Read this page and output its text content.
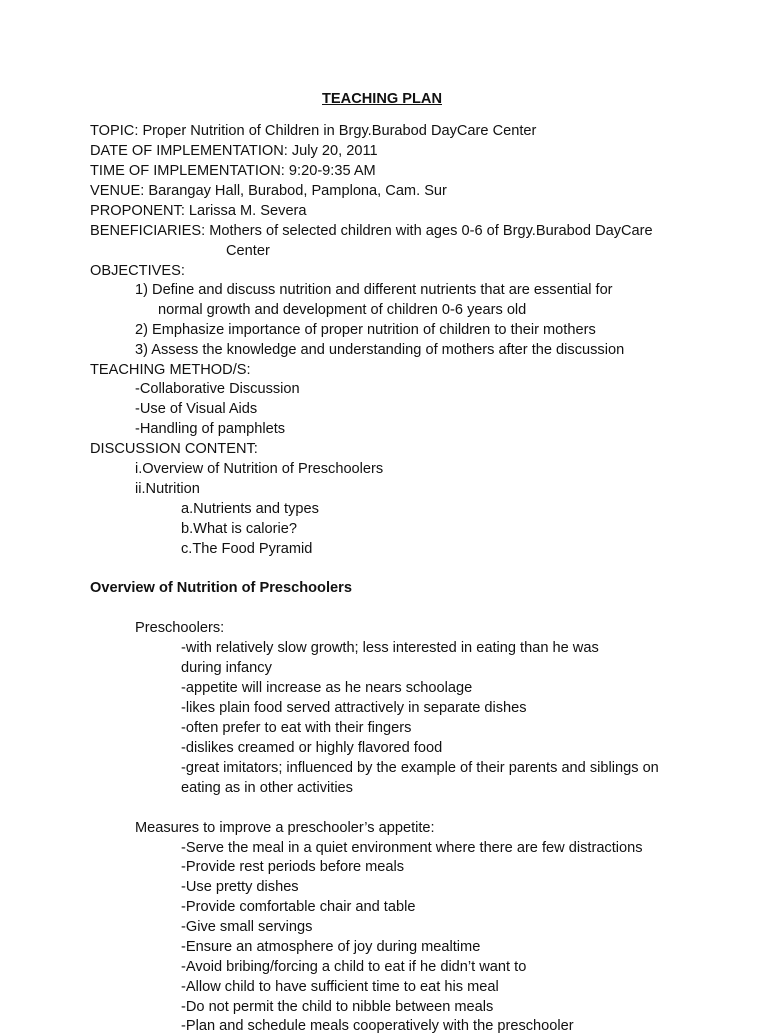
TEACHING PLAN
TOPIC: Proper Nutrition of Children in Brgy.Burabod DayCare Center
DATE OF IMPLEMENTATION: July 20, 2011
TIME OF IMPLEMENTATION: 9:20-9:35 AM
VENUE: Barangay Hall, Burabod, Pamplona, Cam. Sur
PROPONENT: Larissa M. Severa
BENEFICIARIES: Mothers of selected children with ages 0-6 of Brgy.Burabod DayCare
Center
OBJECTIVES:
1) Define and discuss nutrition and different nutrients that are essential for
normal growth and development of children 0-6 years old
2) Emphasize importance of proper nutrition of children to their mothers
3) Assess the knowledge and understanding of mothers after the discussion
TEACHING METHOD/S:
-Collaborative Discussion
-Use of Visual Aids
-Handling of pamphlets
DISCUSSION CONTENT:
i.Overview of Nutrition of Preschoolers
ii.Nutrition
a.Nutrients and types
b.What is calorie?
c.The Food Pyramid
Overview of Nutrition of Preschoolers
Preschoolers:
-with relatively slow growth; less interested in eating than he was
during infancy
-appetite will increase as he nears schoolage
-likes plain food served attractively in separate dishes
-often prefer to eat with their fingers
-dislikes creamed or highly flavored food
-great imitators; influenced by the example of their parents and siblings on
eating as in other activities
Measures to improve a preschooler’s appetite:
-Serve the meal in a quiet environment where there are few distractions
-Provide rest periods before meals
-Use pretty dishes
-Provide comfortable chair and table
-Give small servings
-Ensure an atmosphere of joy during mealtime
-Avoid bribing/forcing a child to eat if he didn’t want to
-Allow child to have sufficient time to eat his meal
-Do not permit the child to nibble between meals
-Plan and schedule meals cooperatively with the preschooler
